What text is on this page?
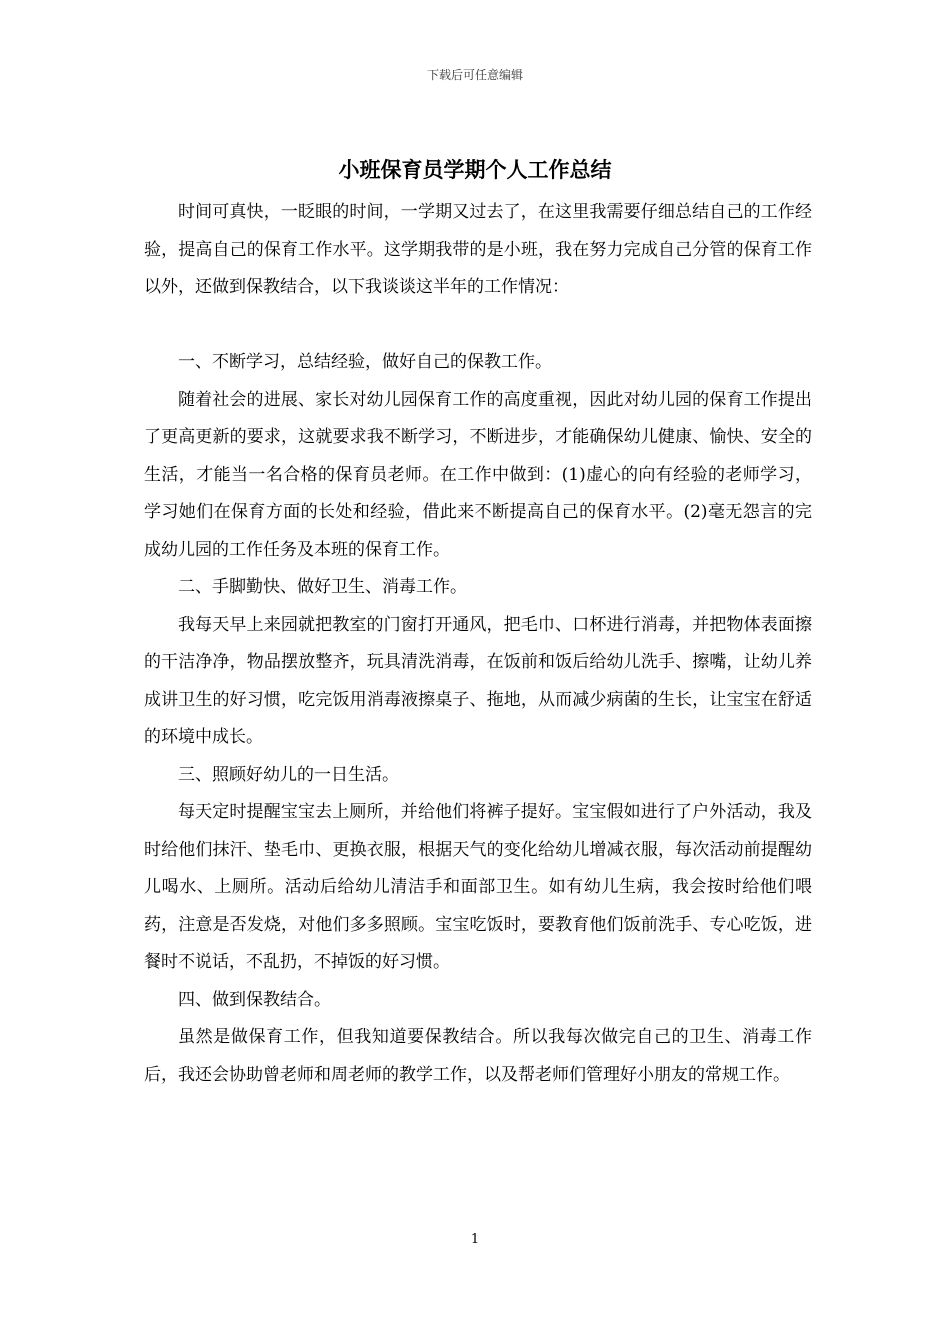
下载后可任意编辑
小班保育员学期个人工作总结

时间可真快，一眨眼的时间，一学期又过去了，在这里我需要仔细总结自己的工作经验，提高自己的保育工作水平。这学期我带的是小班，我在努力完成自己分管的保育工作以外，还做到保教结合，以下我谈谈这半年的工作情况：

一、不断学习，总结经验，做好自己的保教工作。

随着社会的进展、家长对幼儿园保育工作的高度重视，因此对幼儿园的保育工作提出了更高更新的要求，这就要求我不断学习，不断进步，才能确保幼儿健康、愉快、安全的生活，才能当一名合格的保育员老师。在工作中做到：(1)虚心的向有经验的老师学习，学习她们在保育方面的长处和经验，借此来不断提高自己的保育水平。(2)毫无怨言的完成幼儿园的工作任务及本班的保育工作。

二、手脚勤快、做好卫生、消毒工作。

我每天早上来园就把教室的门窗打开通风，把毛巾、口杯进行消毒，并把物体表面擦的干洁净净，物品摆放整齐，玩具清洗消毒，在饭前和饭后给幼儿洗手、擦嘴，让幼儿养成讲卫生的好习惯，吃完饭用消毒液擦桌子、拖地，从而减少病菌的生长，让宝宝在舒适的环境中成长。

三、照顾好幼儿的一日生活。

每天定时提醒宝宝去上厕所，并给他们将裤子提好。宝宝假如进行了户外活动，我及时给他们抹汗、垫毛巾、更换衣服，根据天气的变化给幼儿增减衣服，每次活动前提醒幼儿喝水、上厕所。活动后给幼儿清洁手和面部卫生。如有幼儿生病，我会按时给他们喂药，注意是否发烧，对他们多多照顾。宝宝吃饭时，要教育他们饭前洗手、专心吃饭，进餐时不说话，不乱扔，不掉饭的好习惯。

四、做到保教结合。

虽然是做保育工作，但我知道要保教结合。所以我每次做完自己的卫生、消毒工作后，我还会协助曾老师和周老师的教学工作，以及帮老师们管理好小朋友的常规工作。

1
